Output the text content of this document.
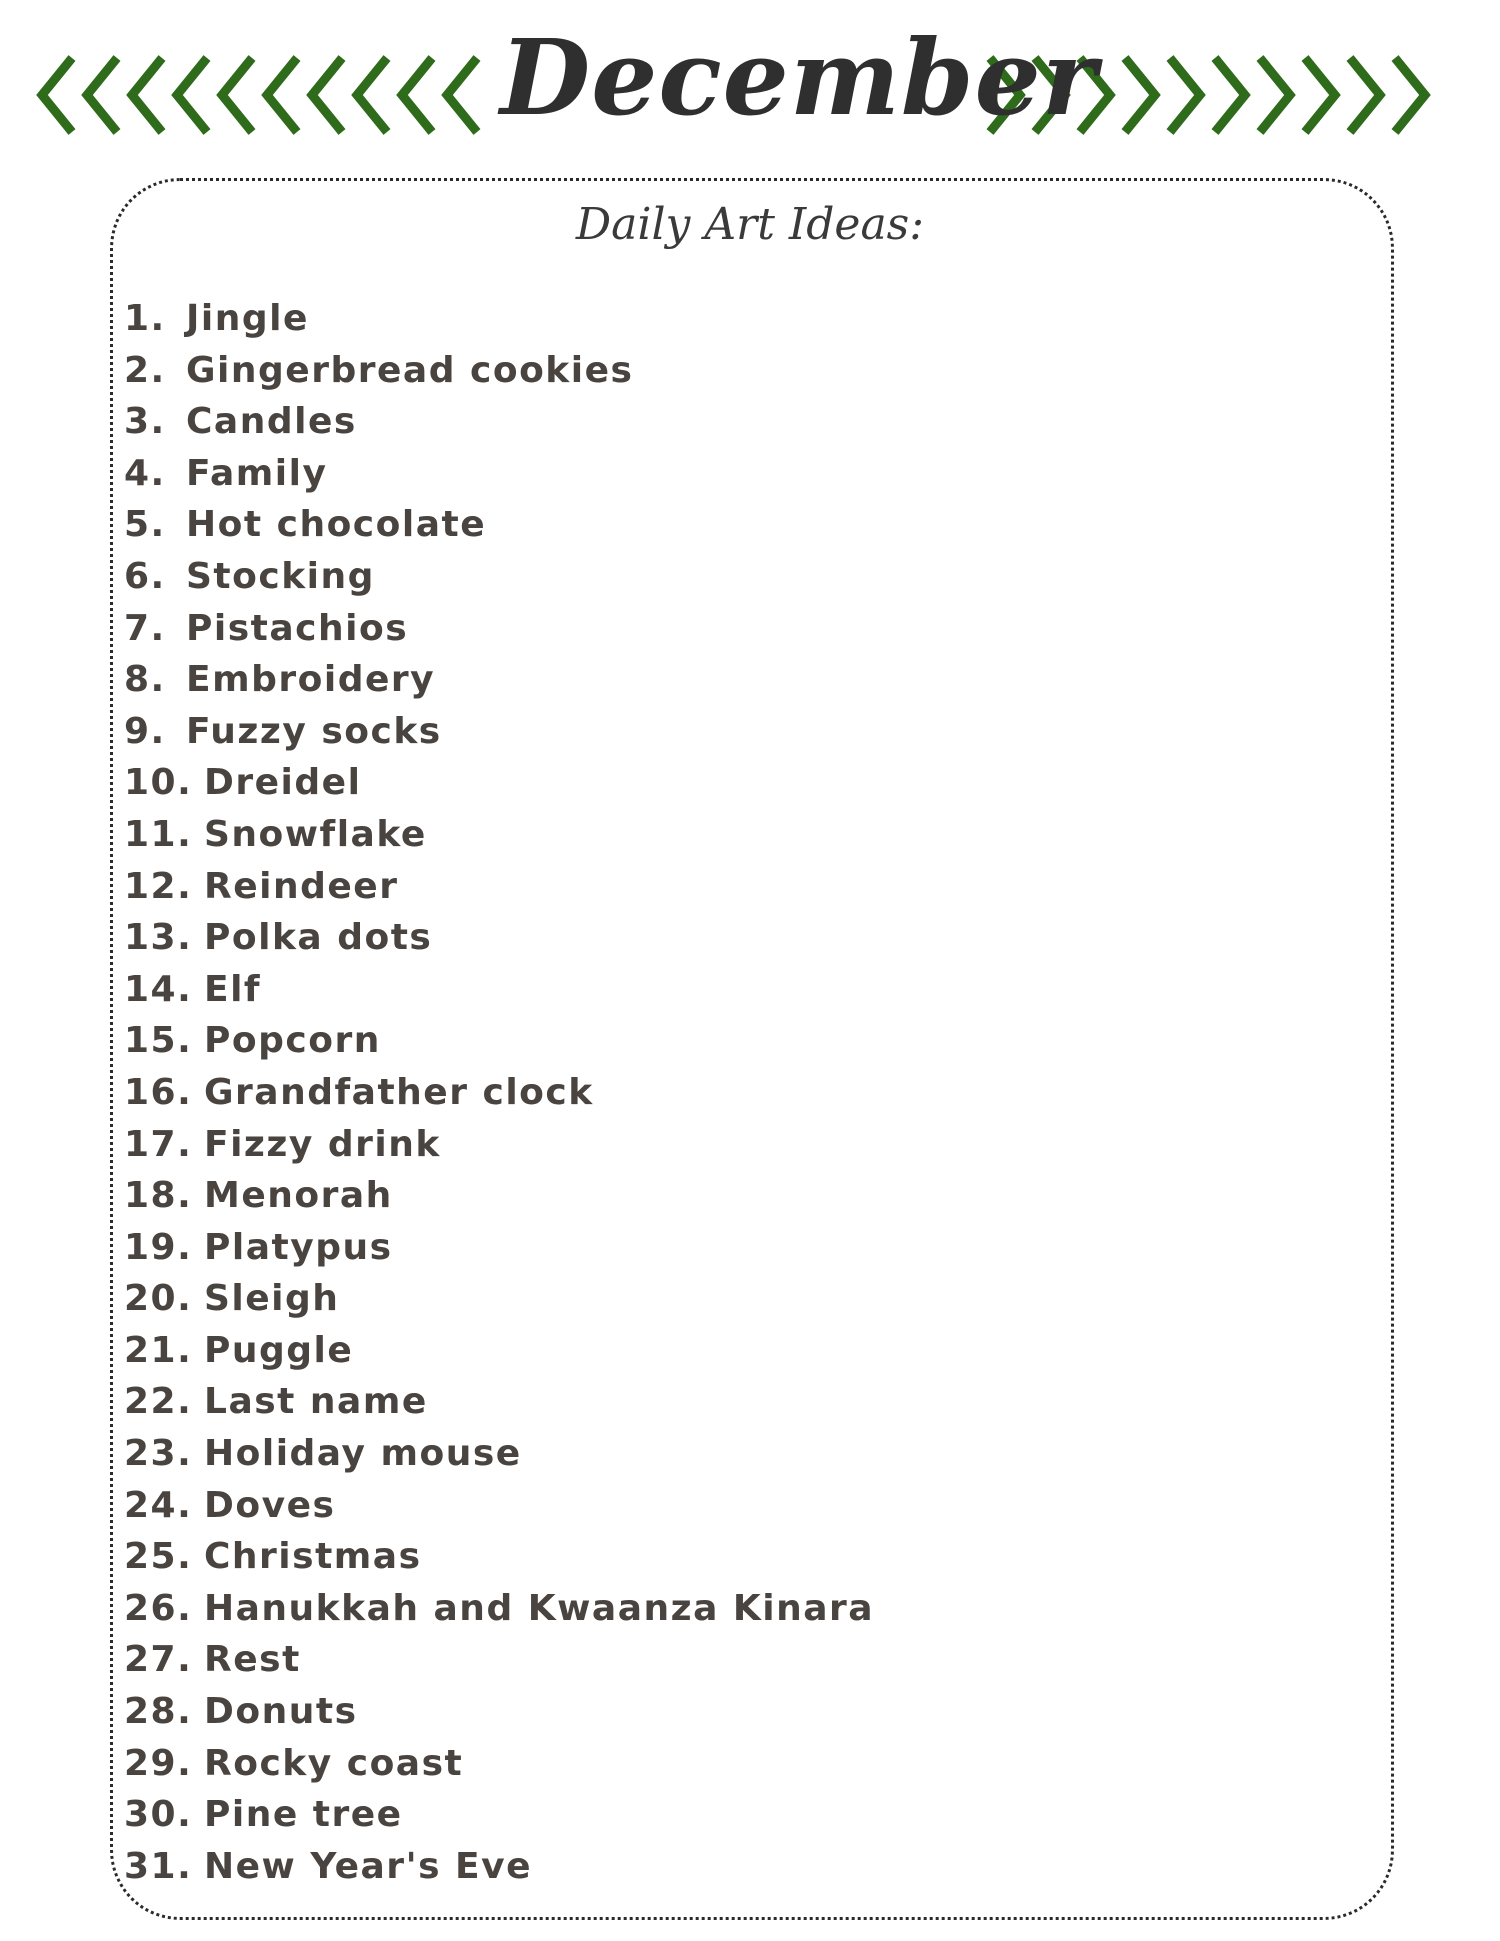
December
Daily Art Ideas:
1. Jingle
2. Gingerbread cookies
3. Candles
4. Family
5. Hot chocolate
6. Stocking
7. Pistachios
8. Embroidery
9. Fuzzy socks
10. Dreidel
11. Snowflake
12. Reindeer
13. Polka dots
14. Elf
15. Popcorn
16. Grandfather clock
17. Fizzy drink
18. Menorah
19. Platypus
20. Sleigh
21. Puggle
22. Last name
23. Holiday mouse
24. Doves
25. Christmas
26. Hanukkah and Kwaanza Kinara
27. Rest
28. Donuts
29. Rocky coast
30. Pine tree
31. New Year's Eve
